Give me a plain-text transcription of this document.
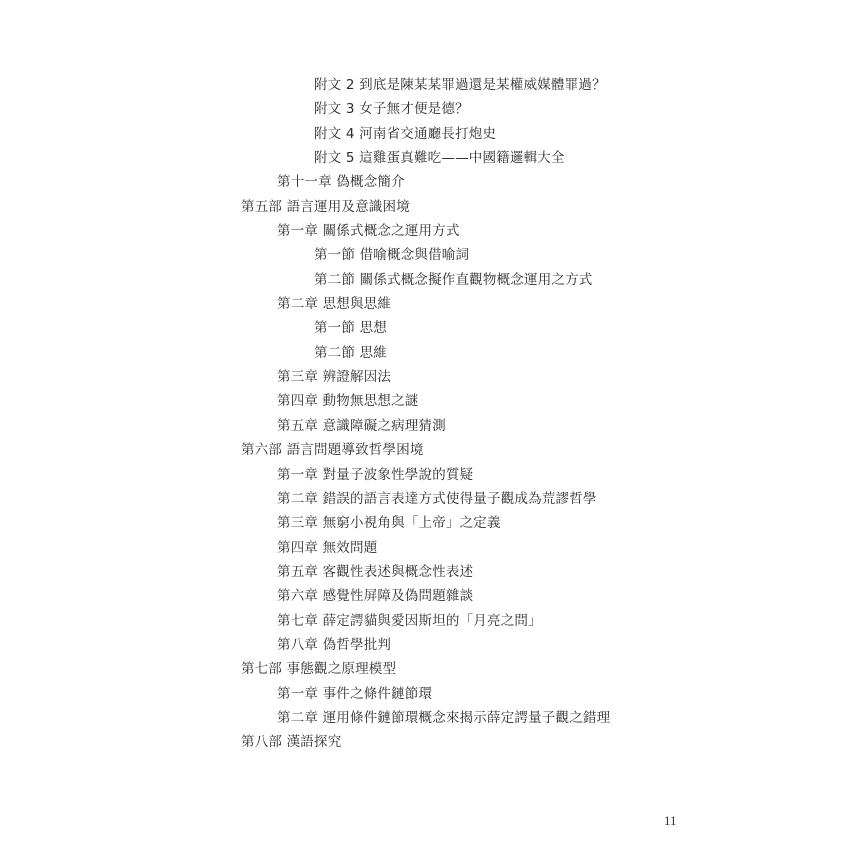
附文 2 到底是陳某某罪過還是某權威媒體罪過？
附文 3 女子無才便是德？
附文 4 河南省交通廳長打炮史
附文 5 這雞蛋真難吃——中國籍邏輯大全
第十一章 偽概念簡介
第五部 語言運用及意識困境
第一章 關係式概念之運用方式
第一節 借喻概念與借喻詞
第二節 關係式概念擬作直觀物概念運用之方式
第二章 思想與思維
第一節 思想
第二節 思維
第三章 辨證解因法
第四章 動物無思想之謎
第五章 意識障礙之病理猜測
第六部 語言問題導致哲學困境
第一章 對量子波象性學說的質疑
第二章 錯誤的語言表達方式使得量子觀成為荒謬哲學
第三章 無窮小視角與「上帝」之定義
第四章 無效問題
第五章 客觀性表述與概念性表述
第六章 感覺性屏障及偽問題雜談
第七章 薛定諤貓與愛因斯坦的「月亮之問」
第八章 偽哲學批判
第七部 事態觀之原理模型
第一章 事件之條件鏈節環
第二章 運用條件鏈節環概念來揭示薛定諤量子觀之錯理
第八部 漢語探究
11
